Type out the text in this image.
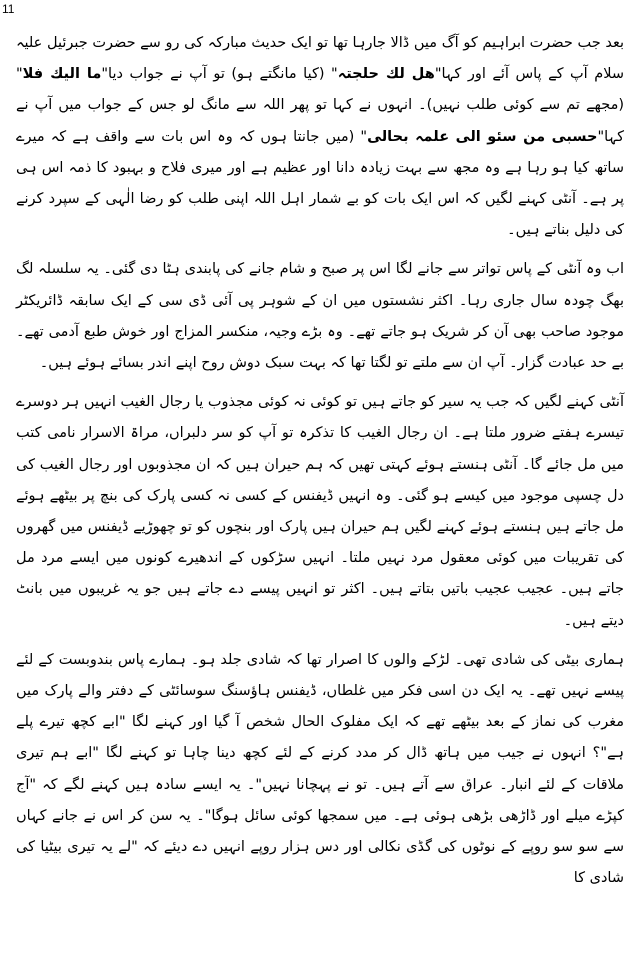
11

بعد جب حضرت ابراہیم کو آگ میں ڈالا جارہا تھا تو ایک حدیث مبارکہ کی رو سے حضرت جبرئیل علیہ سلام آپ کے پاس آئے اور کہا"ھل لك حلجتہ" (کیا مانگتے ہو) تو آپ نے جواب دیا"ما الیك فلا" (مجھے تم سے کوئی طلب نہیں)۔ انہوں نے کہا تو پھر اللہ سے مانگ لو جس کے جواب میں آپ نے کہا"حسبی من سئو الی علمہ بحالی" (میں جانتا ہوں کہ وہ اس بات سے واقف ہے کہ میرے ساتھ کیا ہو رہا ہے وہ مجھ سے بہت زیادہ دانا اور عظیم ہے اور میری فلاح و بہبود کا ذمہ اس ہی پر ہے۔ آنٹی کہنے لگیں کہ اس ایک بات کو بے شمار اہل اللہ اپنی طلب کو رضا الٰہی کے سپرد کرنے کی دلیل بناتے ہیں۔

اب وہ آنٹی کے پاس تواتر سے جانے لگا اس پر صبح و شام جانے کی پابندی ہٹا دی گئی۔ یہ سلسلہ لگ بھگ چودہ سال جاری رہا۔ اکثر نشستوں میں ان کے شوہر پی آئی ڈی سی کے ایک سابقہ ڈائریکٹر موجود صاحب بھی آن کر شریک ہو جاتے تھے۔ وہ بڑے وجیہ، منکسر المزاج اور خوش طبع آدمی تھے۔ بے حد عبادت گزار۔ آپ ان سے ملتے تو لگتا تھا کہ بہت سبک دوش روح اپنے اندر بسائے ہوئے ہیں۔

آنٹی کہنے لگیں کہ جب یہ سیر کو جاتے ہیں تو کوئی نہ کوئی مجذوب یا رجال الغیب انہیں ہر دوسرے تیسرے ہفتے ضرور ملتا ہے۔ ان رجال الغیب کا تذکرہ تو آپ کو سر دلبراں، مراۃ الاسرار نامی کتب میں مل جائے گا۔ آنٹی ہنستے ہوئے کہتی تھیں کہ ہم حیران ہیں کہ ان مجذوبوں اور رجال الغیب کی دل چسپی موجود میں کیسے ہو گئی۔ وہ انہیں ڈیفنس کے کسی نہ کسی پارک کی بنچ پر بیٹھے ہوئے مل جاتے ہیں ہنستے ہوئے کہنے لگیں ہم حیران ہیں پارک اور بنچوں کو تو چھوڑیے ڈیفنس میں گھروں کی تقریبات میں کوئی معقول مرد نہیں ملتا۔ انہیں سڑکوں کے اندھیرے کونوں میں ایسے مرد مل جاتے ہیں۔ عجیب عجیب باتیں بتاتے ہیں۔ اکثر تو انہیں پیسے دے جاتے ہیں جو یہ غریبوں میں بانٹ دیتے ہیں۔

ہماری بیٹی کی شادی تھی۔ لڑکے والوں کا اصرار تھا کہ شادی جلد ہو۔ ہمارے پاس بندوبست کے لئے پیسے نہیں تھے۔ یہ ایک دن اسی فکر میں غلطاں، ڈیفنس ہاؤسنگ سوسائٹی کے دفتر والے پارک میں مغرب کی نماز کے بعد بیٹھے تھے کہ ایک مفلوک الحال شخص آ گیا اور کہنے لگا "ابے کچھ تیرے پلے ہے"؟ انہوں نے جیب میں ہاتھ ڈال کر مدد کرنے کے لئے کچھ دینا چاہا تو کہنے لگا "ابے ہم تیری ملاقات کے لئے انبار۔ عراق سے آتے ہیں۔ تو نے پہچانا نہیں"۔ یہ ایسے سادہ ہیں کہنے لگے کہ "آج کپڑے میلے اور ڈاڑھی بڑھی ہوئی ہے۔ میں سمجھا کوئی سائل ہوگا"۔ یہ سن کر اس نے جانے کہاں سے سو سو روپے کے نوٹوں کی گڈی نکالی اور دس ہزار روپے انہیں دے دیئے کہ "لے یہ تیری بیٹیا کی شادی کا
